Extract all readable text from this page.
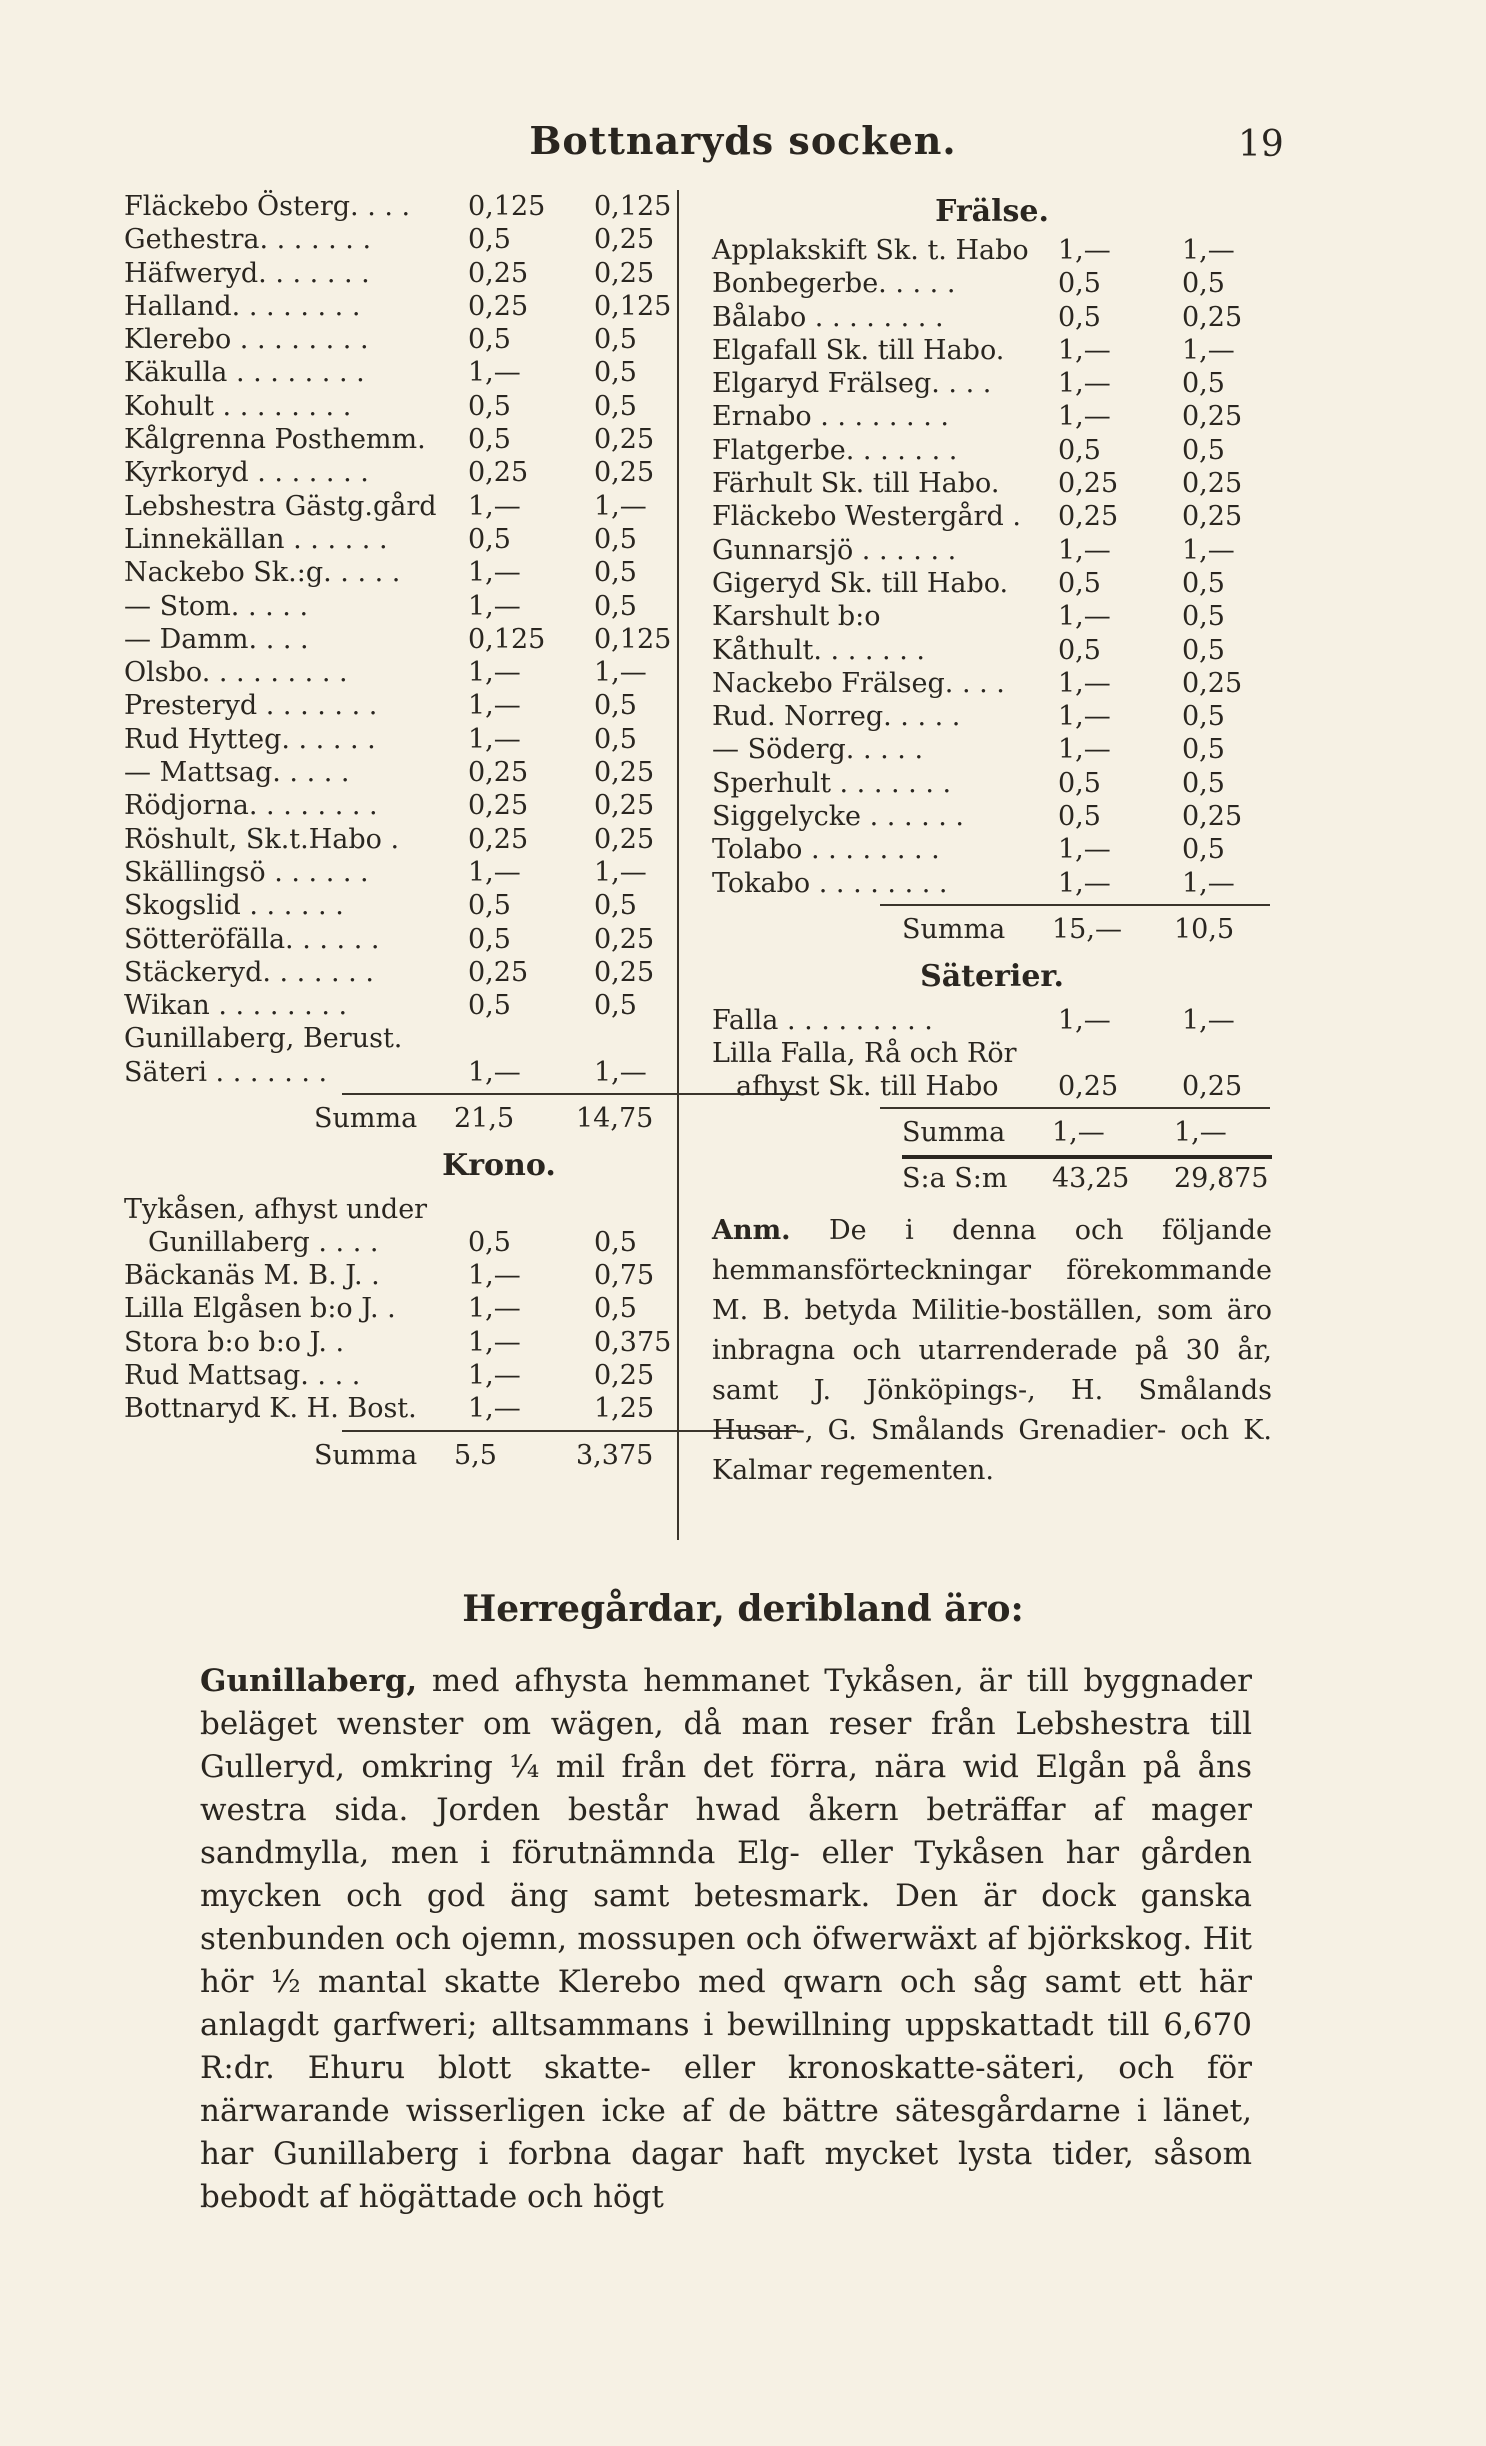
Bottnaryds socken.	19
Fläckebo Österg. . . . 0,125 0,125
Gethestra. . . . . . .	0,5	0,25
Häfweryd. . . . . . .	0,25 0,25
Halland. . . . . . . .	0,25 0,125
Klerebo . . . . . . . .	0,5	0,5
Käkulla . . . . . . . .	1,—	0,5
Kohult . . . . . . . .	0,5	0,5
Kålgrenna Posthemm. 0,5	0,25
Kyrkoryd . . . . . . .	0,25 0,25
Lebshestra Gästg.gård 1,—	1,—
Linnekällan . . . . . .	0,5	0,5
Nackebo Sk.:g. . . . .	1,—	0,5
— Stom. . . . .	1,—	0,5
— Damm. . . .	0,125 0,125
Olsbo. . . . . . . . .	1,—	1,—
Presteryd . . . . . . .	1,—	0,5
Rud Hytteg. . . . . .	1,—	0,5
— Mattsag. . . . .	0,25 0,25
Rödjorna. . . . . . . .	0,25 0,25
Röshult, Sk.t.Habo .	0,25 0,25
Skällingsö . . . . . .	1,—	1,—
Skogslid . . . . . .	0,5	0,5
Sötteröfälla. . . . . .	0,5	0,25
Stäckeryd. . . . . . .	0,25 0,25
Wikan . . . . . . . .	0,5	0,5
Gunillaberg, Berust.
Säteri . . . . . . .	1,—	1,—
Summa 21,5 14,75
Krono.
Tykåsen, afhyst under
Gunillaberg . . . .	0,5	0,5
Bäckanäs M. B. J. .	1,—	0,75
Lilla Elgåsen b:o J. .	1,—	0,5
Stora b:o b:o J. .	1,—	0,375
Rud Mattsag. . . .	1,—	0,25
Bottnaryd K. H. Bost. 1,—	1,25
Summa 5,5	3,375
Frälse.
Applakskift Sk. t. Habo 1,—	1,—
Bonbegerbe. . . . .	0,5	0,5
Bålabo . . . . . . . .	0,5	0,25
Elgafall Sk. till Habo. 1,—	1,—
Elgaryd Frälseg. . . . 1,—	0,5
Ernabo . . . . . . . .	1,—	0,25
Flatgerbe. . . . . . .	0,5	0,5
Färhult Sk. till Habo. 0,25 0,25
Fläckebo Westergård . 0,25 0,25
Gunnarsjö . . . . . .	1,—	1,—
Gigeryd Sk. till Habo. 0,5	0,5
Karshult b:o	1,—	0,5
Kåthult. . . . . . .	0,5	0,5
Nackebo Frälseg. . . . 1,—	0,25
Rud. Norreg. . . . .	1,—	0,5
— Söderg. . . . .	1,—	0,5
Sperhult . . . . . . .	0,5	0,5
Siggelycke . . . . . .	0,5	0,25
Tolabo . . . . . . . .	1,—	0,5
Tokabo . . . . . . . .	1,—	1,—
Summa 15,— 10,5
Säterier.
Falla . . . . . . . . .	1,—	1,—
Lilla Falla, Rå och Rör
afhyst Sk. till Habo	0,25 0,25
Summa 1,—	1,—
S:a S:m 43,25 29,875
Anm. De i denna och följande hemmansförteckningar förekommande M. B. betyda Militie-boställen, som äro inbragna och utarrenderade på 30 år, samt J. Jönköpings-, H. Smålands Husar-, G. Smålands Grenadier- och K. Kalmar regementen.
Herregårdar, deribland äro:
Gunillaberg, med afhysta hemmanet Tykåsen, är till byggnader beläget wenster om wägen, då man reser från Lebshestra till Gulleryd, omkring ¼ mil från det förra, nära wid Elgån på åns westra sida. Jorden består hwad åkern beträffar af mager sandmylla, men i förutnämnda Elg- eller Tykåsen har gården mycken och god äng samt betesmark. Den är dock ganska stenbunden och ojemn, mossupen och öfwerwäxt af björkskog. Hit hör ½ mantal skatte Klerebo med qwarn och såg samt ett här anlagdt garfweri; alltsammans i bewillning uppskattadt till 6,670 R:dr. Ehuru blott skatte- eller kronoskatte-säteri, och för närwarande wisserligen icke af de bättre sätesgårdarne i länet, har Gunillaberg i forbna dagar haft mycket lysta tider, såsom bebodt af högättade och högt
